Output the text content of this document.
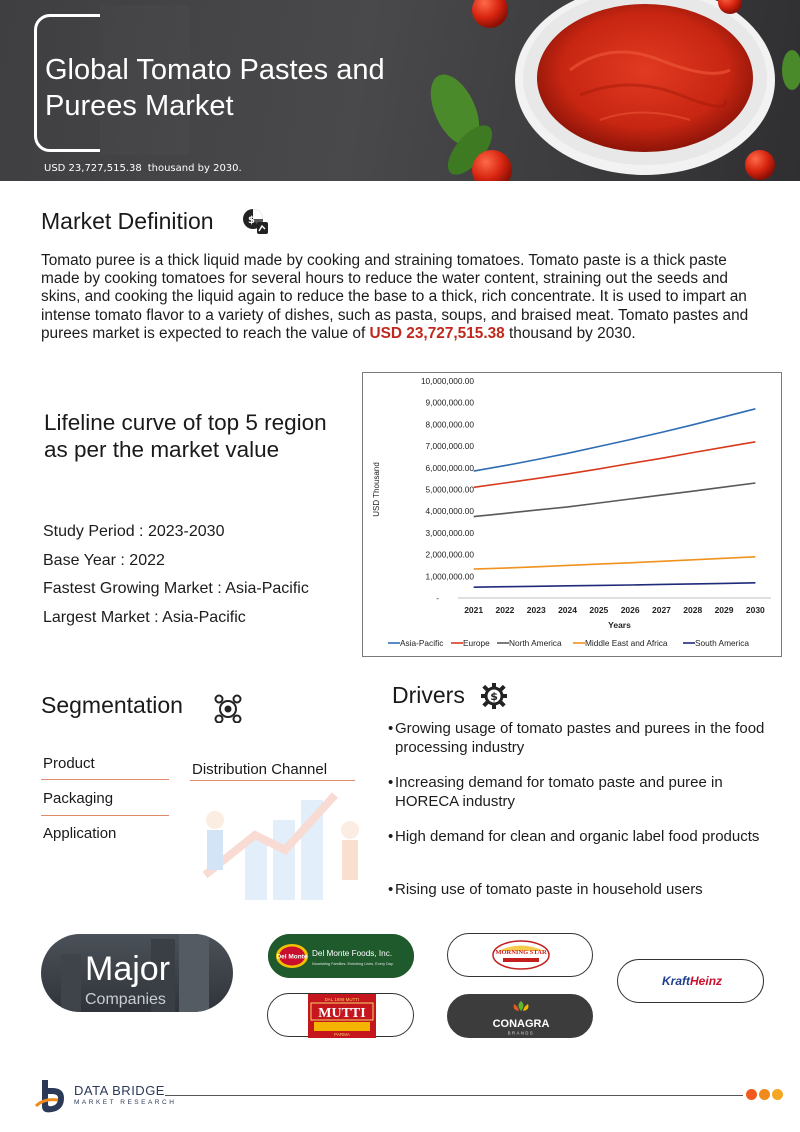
Global Tomato Pastes and Purees Market
USD 23,727,515.38 thousand by 2030.
Market Definition	$

Tomato puree is a thick liquid made by cooking and straining tomatoes. Tomato paste is a thick paste made by cooking tomatoes for several hours to reduce the water content, straining out the seeds and skins, and cooking the liquid again to reduce the base to a thick, rich concentrate. It is used to impart an intense tomato flavor to a variety of dishes, such as pasta, soups, and braised meat. Tomato pastes and purees market is expected to reach the value of USD 23,727,515.38 thousand by 2030.

Lifeline curve of top 5 region as per the market value
Study Period : 2023-2030
Base Year : 2022
Fastest Growing Market : Asia-Pacific
Largest Market : Asia-Pacific
-
1,000,000.00
2,000,000.00
3,000,000.00
4,000,000.00
5,000,000.00
6,000,000.00
7,000,000.00
8,000,000.00
9,000,000.00
10,000,000.00
USD Thousand
2021 2022 2023 2024 2025 2026 2027 2028 2029 2030
Years
Asia-Pacific Europe North America	Middle East and Africa	South America
Segmentation
Product
Packaging
Application
Distribution Channel
Drivers $
• Growing usage of tomato pastes and purees in the food processing industry
• Increasing demand for tomato paste and puree in HORECA industry
• High demand for clean and organic label food products
• Rising use of tomato paste in household users
Major
Companies
Del Monte Del Monte Foods, Inc.
Nourishing Families. Enriching Lives. Every Day.
MORNING STAR
KraftHeinz
DAL 1899 MUTTI
MUTTI
PARMA
CONAGRA
BRANDS
DATA BRIDGE
MARKET RESEARCH
